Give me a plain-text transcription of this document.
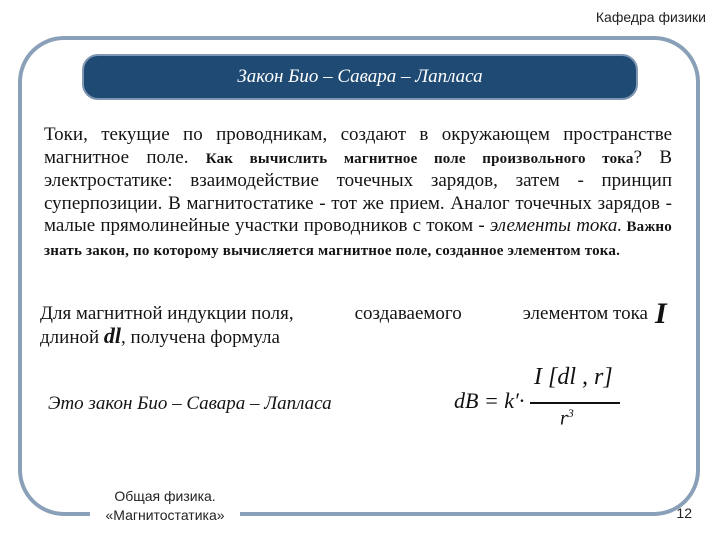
Кафедра физики
Закон Био – Савара – Лапласа
Токи, текущие по проводникам, создают в окружающем пространстве магнитное поле. Как вычислить магнитное поле произвольного тока? В электростатике: взаимодействие точечных зарядов, затем - принцип суперпозиции. В магнитостатике - тот же прием. Аналог точечных зарядов - малые прямолинейные участки проводников с током - элементы тока. Важно знать закон, по которому вычисляется магнитное поле, созданное элементом тока.
Для магнитной индукции поля,	создаваемого	элементом тока
длиной dl, получена формула
I
Это закон Био – Савара – Лапласа	dB = k′·
I [dl , r]
$r^3$
Общая физика.
«Магнитостатика»	12
